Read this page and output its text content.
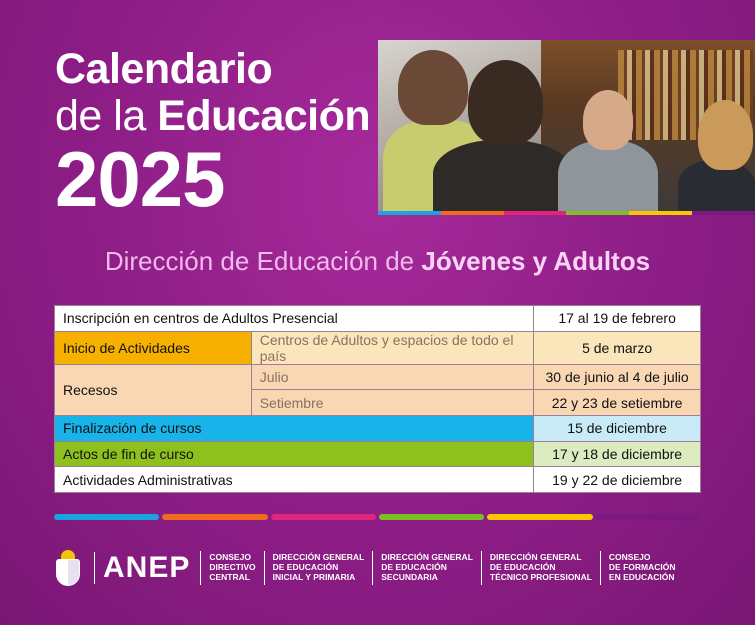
Calendario
de la Educación
2025
Dirección de Educación de Jóvenes y Adultos
Inscripción en centros de Adultos Presencial		17 al 19 de febrero
Inicio de Actividades	Centros de Adultos y espacios de todo el país	5 de marzo
Recesos	Julio	30 de junio al 4 de julio
	Setiembre	22 y 23 de setiembre
Finalización de cursos		15 de diciembre
Actos de fin de curso		17 y 18 de diciembre
Actividades Administrativas		19 y 22 de diciembre
ANEP CONSEJO
DIRECTIVO
CENTRAL
DIRECCIÓN GENERAL
DE EDUCACIÓN
INICIAL Y PRIMARIA
DIRECCIÓN GENERAL
DE EDUCACIÓN
SECUNDARIA
DIRECCIÓN GENERAL
DE EDUCACIÓN
TÉCNICO PROFESIONAL
CONSEJO
DE FORMACIÓN
EN EDUCACIÓN
